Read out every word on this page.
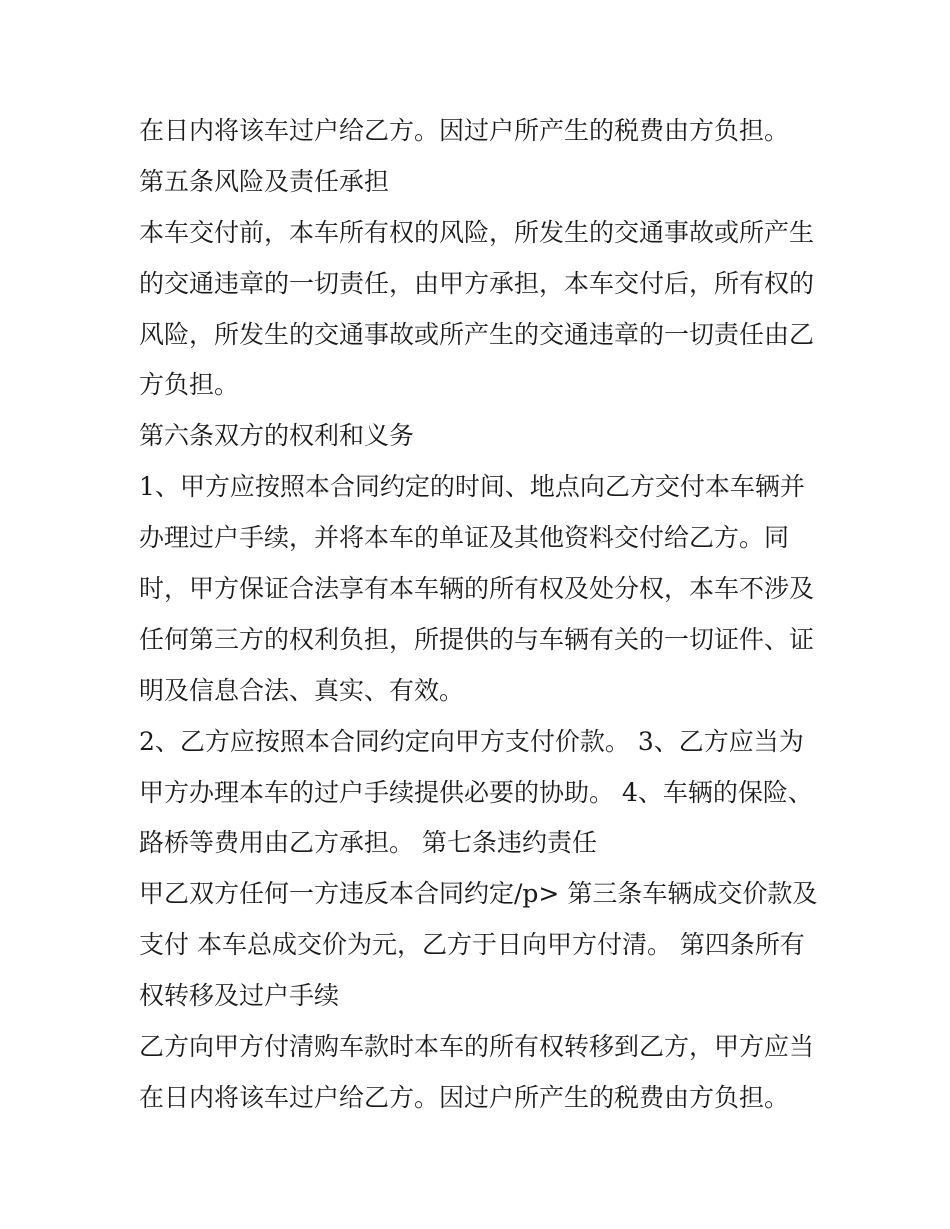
在日内将该车过户给乙方。因过户所产生的税费由方负担。
第五条风险及责任承担
本车交付前，本车所有权的风险，所发生的交通事故或所产生
的交通违章的一切责任，由甲方承担，本车交付后，所有权的
风险，所发生的交通事故或所产生的交通违章的一切责任由乙
方负担。
第六条双方的权利和义务
1、甲方应按照本合同约定的时间、地点向乙方交付本车辆并
办理过户手续，并将本车的单证及其他资料交付给乙方。同
时，甲方保证合法享有本车辆的所有权及处分权，本车不涉及
任何第三方的权利负担，所提供的与车辆有关的一切证件、证
明及信息合法、真实、有效。
2、乙方应按照本合同约定向甲方支付价款。 3、乙方应当为
甲方办理本车的过户手续提供必要的协助。 4、车辆的保险、
路桥等费用由乙方承担。 第七条违约责任
甲乙双方任何一方违反本合同约定/p> 第三条车辆成交价款及
支付 本车总成交价为元，乙方于日向甲方付清。 第四条所有
权转移及过户手续
乙方向甲方付清购车款时本车的所有权转移到乙方，甲方应当
在日内将该车过户给乙方。因过户所产生的税费由方负担。
